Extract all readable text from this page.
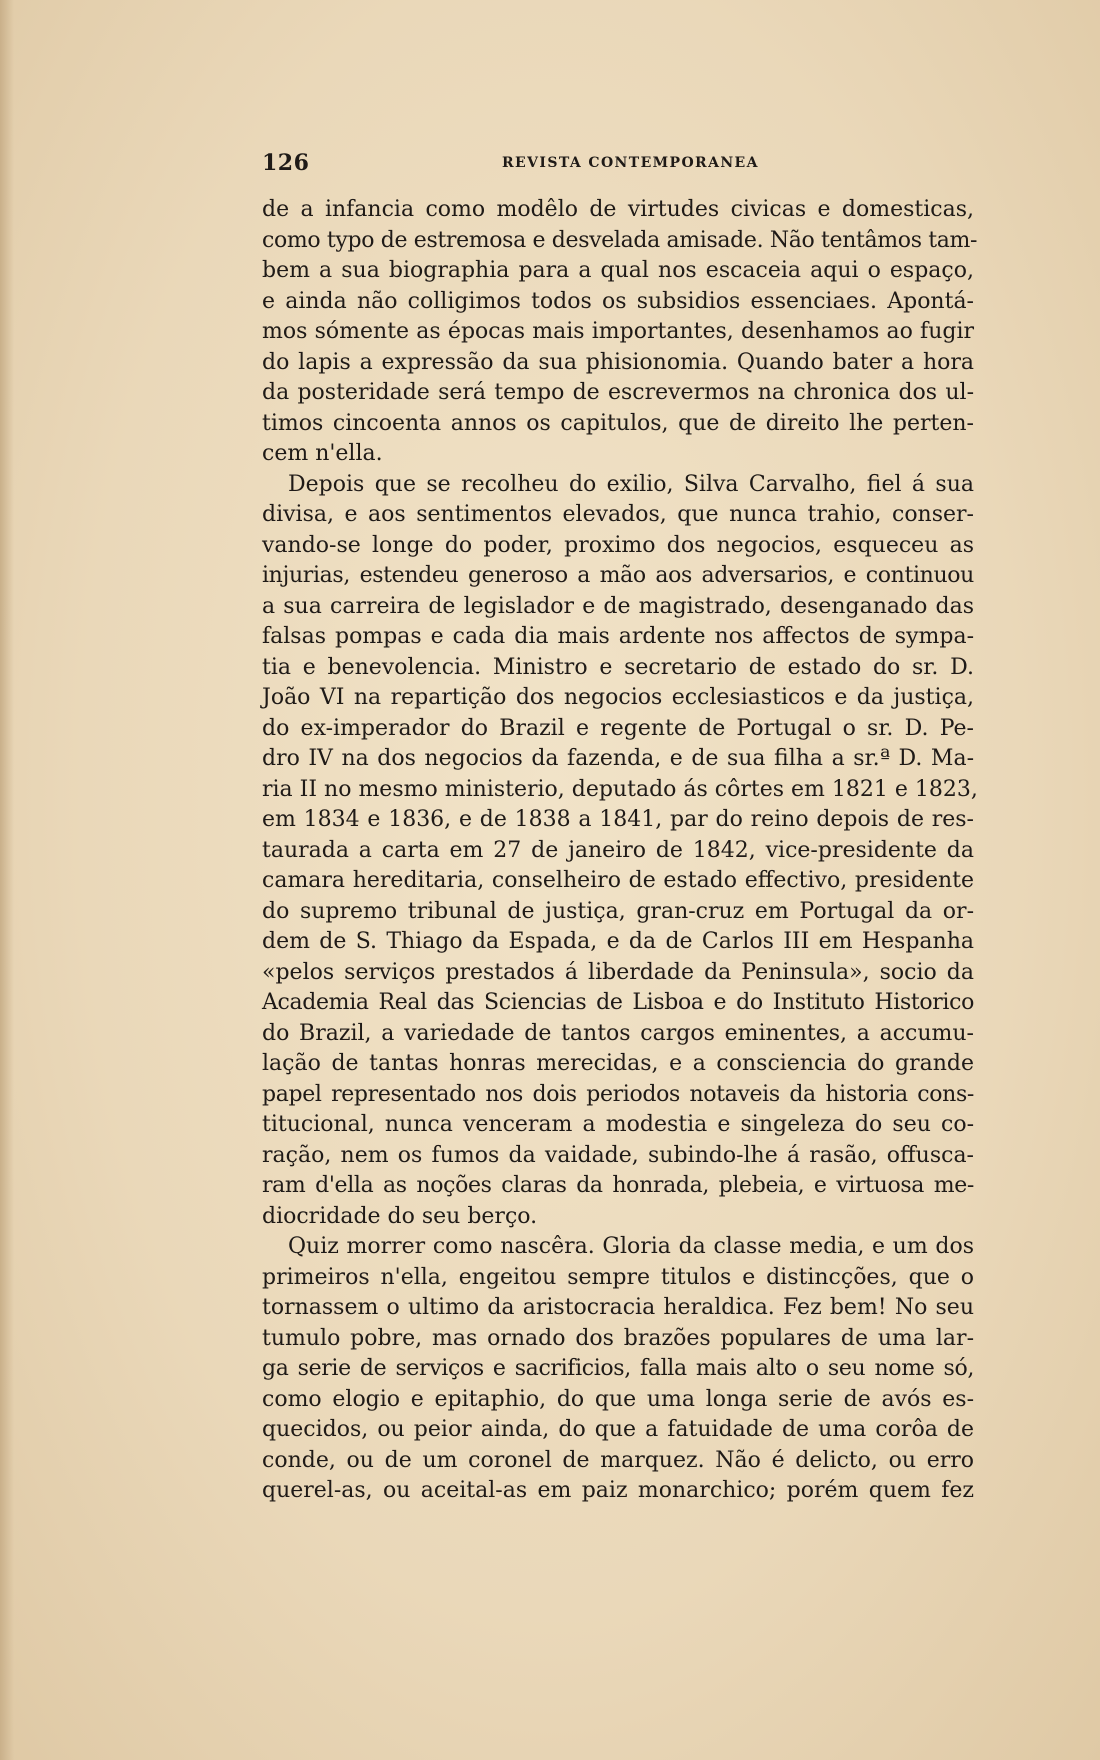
126	REVISTA CONTEMPORANEA

de a infancia como modêlo de virtudes civicas e domesticas,
como typo de estremosa e desvelada amisade. Não tentâmos tam-
bem a sua biographia para a qual nos escaceia aqui o espaço,
e ainda não colligimos todos os subsidios essenciaes. Apontá-
mos sómente as épocas mais importantes, desenhamos ao fugir
do lapis a expressão da sua phisionomia. Quando bater a hora
da posteridade será tempo de escrevermos na chronica dos ul-
timos cincoenta annos os capitulos, que de direito lhe perten-
cem n'ella.

Depois que se recolheu do exilio, Silva Carvalho, fiel á sua
divisa, e aos sentimentos elevados, que nunca trahio, conser-
vando-se longe do poder, proximo dos negocios, esqueceu as
injurias, estendeu generoso a mão aos adversarios, e continuou
a sua carreira de legislador e de magistrado, desenganado das
falsas pompas e cada dia mais ardente nos affectos de sympa-
tia e benevolencia. Ministro e secretario de estado do sr. D.
João VI na repartição dos negocios ecclesiasticos e da justiça,
do ex-imperador do Brazil e regente de Portugal o sr. D. Pe-
dro IV na dos negocios da fazenda, e de sua filha a sr.ª D. Ma-
ria II no mesmo ministerio, deputado ás côrtes em 1821 e 1823,
em 1834 e 1836, e de 1838 a 1841, par do reino depois de res-
taurada a carta em 27 de janeiro de 1842, vice-presidente da
camara hereditaria, conselheiro de estado effectivo, presidente
do supremo tribunal de justiça, gran-cruz em Portugal da or-
dem de S. Thiago da Espada, e da de Carlos III em Hespanha
«pelos serviços prestados á liberdade da Peninsula», socio da
Academia Real das Sciencias de Lisboa e do Instituto Historico
do Brazil, a variedade de tantos cargos eminentes, a accumu-
lação de tantas honras merecidas, e a consciencia do grande
papel representado nos dois periodos notaveis da historia cons-
titucional, nunca venceram a modestia e singeleza do seu co-
ração, nem os fumos da vaidade, subindo-lhe á rasão, offusca-
ram d'ella as noções claras da honrada, plebeia, e virtuosa me-
diocridade do seu berço.

Quiz morrer como nascêra. Gloria da classe media, e um dos
primeiros n'ella, engeitou sempre titulos e distincções, que o
tornassem o ultimo da aristocracia heraldica. Fez bem! No seu
tumulo pobre, mas ornado dos brazões populares de uma lar-
ga serie de serviços e sacrificios, falla mais alto o seu nome só,
como elogio e epitaphio, do que uma longa serie de avós es-
quecidos, ou peior ainda, do que a fatuidade de uma corôa de
conde, ou de um coronel de marquez. Não é delicto, ou erro
querel-as, ou aceital-as em paiz monarchico; porém quem fez
